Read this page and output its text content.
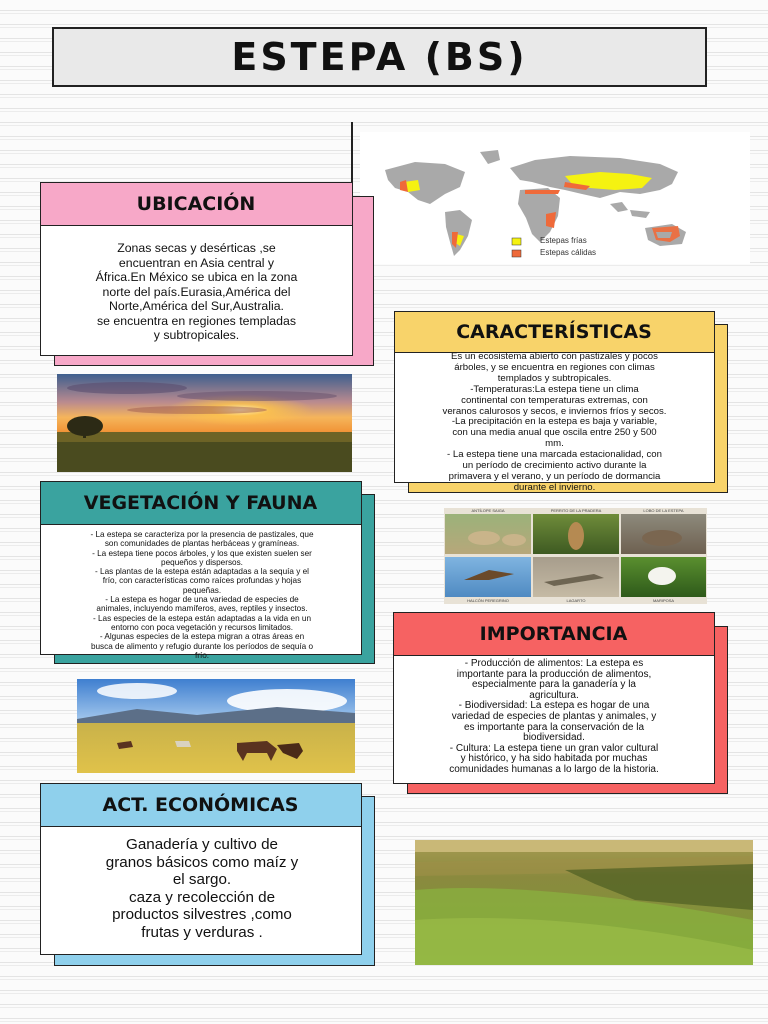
ESTEPA (BS)
Estepas frías
Estepas cálidas
UBICACIÓN

Zonas secas y desérticas ,se

encuentran en Asia central y

África.En México se ubica en la zona

norte del país.Eurasia,América del

Norte,América del Sur,Australia.

se encuentra en regiones templadas

y subtropicales.	CARACTERÍSTICAS

Es un ecosistema abierto con pastizales y pocos

árboles, y se encuentra en regiones con climas

templados y subtropicales.

-Temperaturas:La estepa tiene un clima

continental con temperaturas extremas, con

veranos calurosos y secos, e inviernos fríos y secos.

-La precipitación en la estepa es baja y variable,

con una media anual que oscila entre 250 y 500

mm.

- La estepa tiene una marcada estacionalidad, con

un período de crecimiento activo durante la

primavera y el verano, y un período de dormancia

durante el invierno.

VEGETACIÓN Y FAUNA

- La estepa se caracteriza por la presencia de pastizales, que

son comunidades de plantas herbáceas y gramíneas.

- La estepa tiene pocos árboles, y los que existen suelen ser

pequeños y dispersos.

- Las plantas de la estepa están adaptadas a la sequía y el

frío, con características como raíces profundas y hojas

pequeñas.

- La estepa es hogar de una variedad de especies de

animales, incluyendo mamíferos, aves, reptiles y insectos.

- Las especies de la estepa están adaptadas a la vida en un

entorno con poca vegetación y recursos limitados.

- Algunas especies de la estepa migran a otras áreas en

busca de alimento y refugio durante los períodos de sequía o

frío.

ANTÍLOPE SAIGA	PERRITO DE LA PRADERA	LOBO DE LA ESTEPA
HALCÓN PEREGRINO	LAGARTO	MARIPOSA
IMPORTANCIA

- Producción de alimentos: La estepa es

importante para la producción de alimentos,

especialmente para la ganadería y la

agricultura.

- Biodiversidad: La estepa es hogar de una

variedad de especies de plantas y animales, y

es importante para la conservación de la

biodiversidad.

- Cultura: La estepa tiene un gran valor cultural

y histórico, y ha sido habitada por muchas

comunidades humanas a lo largo de la historia.

ACT. ECONÓMICAS

Ganadería y cultivo de

granos básicos como maíz y

el sargo.

caza y recolección de

productos silvestres ,como

frutas y verduras .
